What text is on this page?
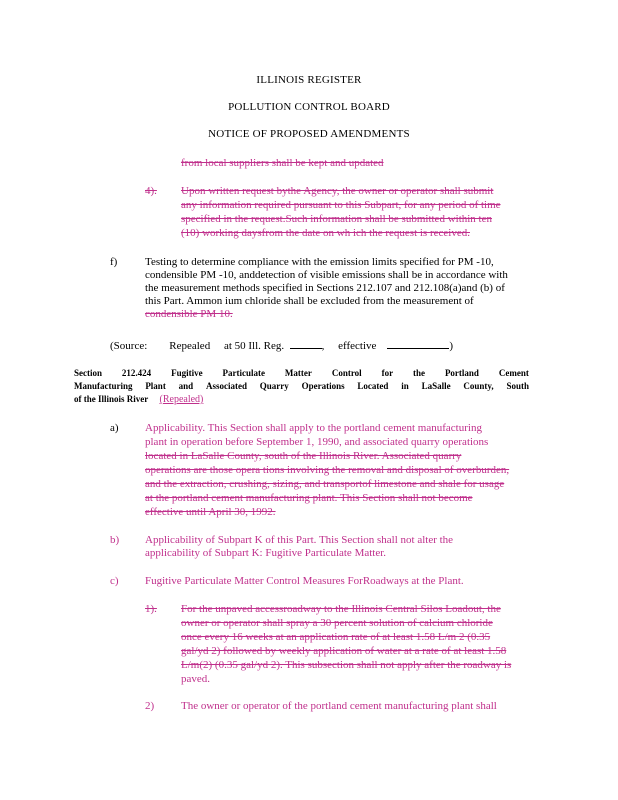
ILLINOIS REGISTER
POLLUTION CONTROL BOARD
NOTICE OF PROPOSED AMENDMENTS
from local suppliers shall be kept and updated
4). Upon written request bythe Agency, the owner or operator shall submit
any information required pursuant to this Subpart, for any period of time
specified in the request.Such information shall be submitted within ten
(10) working daysfrom the date on wh ich the request is received.
f)	Testing to determine compliance with the emission limits specified for PM -10,
condensible PM -10, anddetection of visible emissions shall be in accordance with
the measurement methods specified in Sections 212.107 and 212.108(a)and (b) of
this Part. Ammon ium chloride shall be excluded from the measurement of
condensible PM 10.
(Source: Repealed at 50 Ill. Reg.	,     effective	)
Section 212.424 Fugitive Particulate Matter Control for the Portland Cement
Manufacturing Plant and Associated Quarry Operations Located in LaSalle County, South
of the Illinois River (Repealed)
a) Applicability. This Section shall apply to the portland cement manufacturing
plant in operation before September 1, 1990, and associated quarry operations
located in LaSalle County, south of the Illinois River. Associated quarry
operations are those opera tions involving the removal and disposal of overburden,
and the extraction, crushing, sizing, and transportof limestone and shale for usage
at the portland cement manufacturing plant. This Section shall not become
effective until April 30, 1992.
b) Applicability of Subpart K of this Part. This Section shall not alter the
applicability of Subpart K: Fugitive Particulate Matter.
c) Fugitive Particulate Matter Control Measures ForRoadways at the Plant.
1). For the unpaved accessroadway to the Illinois Central Silos Loadout, the
owner or operator shall spray a 30 percent solution of calcium chloride
once every 16 weeks at an application rate of at least 1.58 L/m 2 (0.35
gal/yd 2) followed by weekly application of water at a rate of at least 1.58
L/m(2) (0.35 gal/yd 2). This subsection shall not apply after the roadway is
paved.
2) The owner or operator of the portland cement manufacturing plant shall
